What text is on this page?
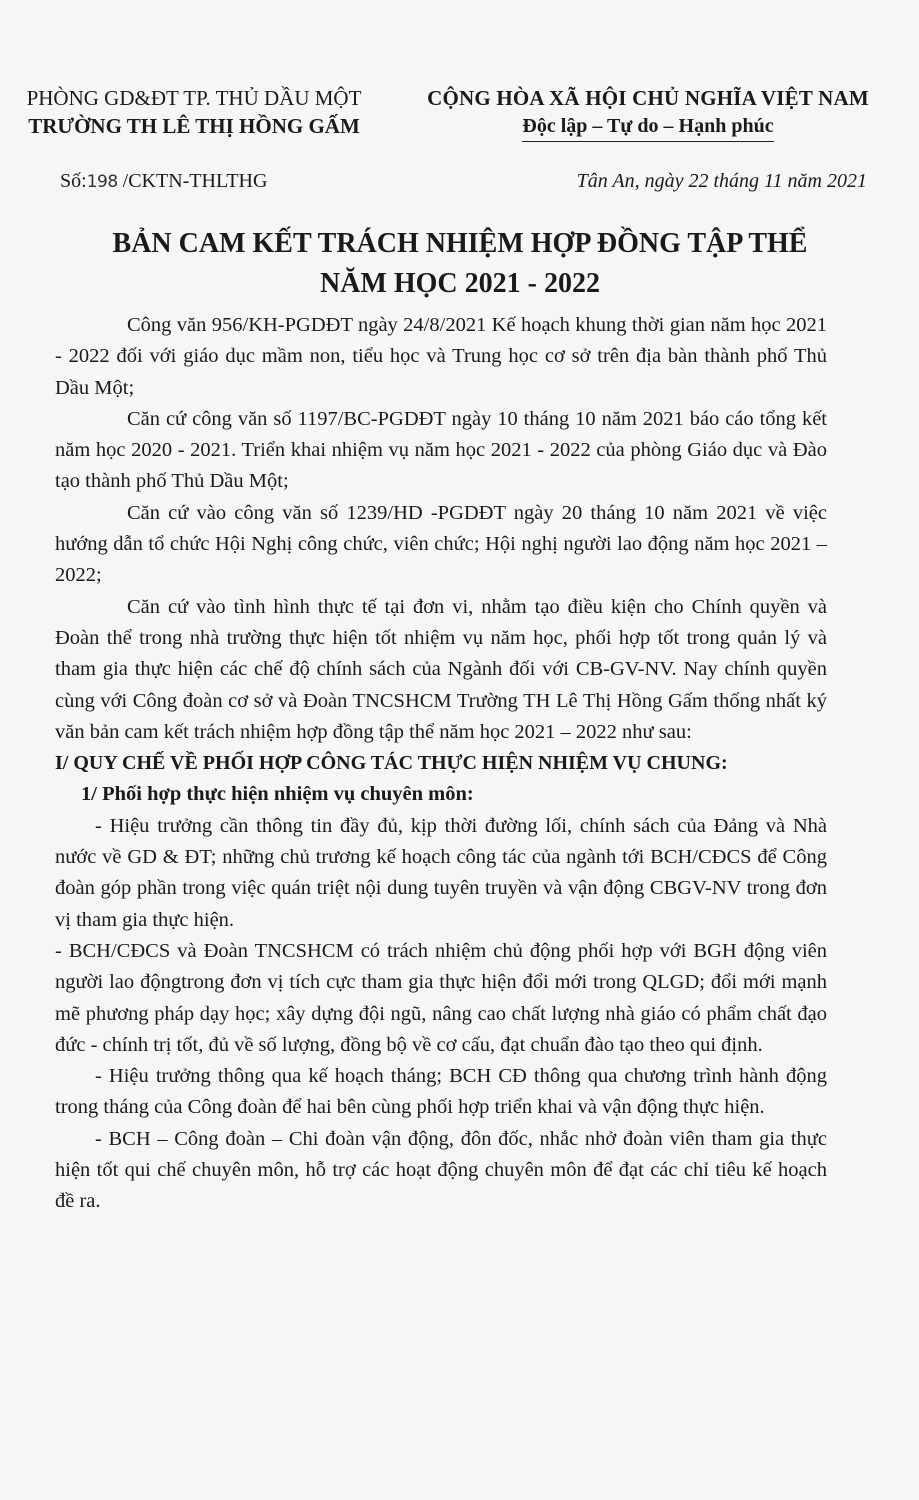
PHÒNG GD&ĐT TP. THỦ DẦU MỘT
TRƯỜNG TH LÊ THỊ HỒNG GẤM
CỘNG HÒA XÃ HỘI CHỦ NGHĨA VIỆT NAM
Độc lập – Tự do – Hạnh phúc
Số:198 /CKTN-THLTHG	Tân An, ngày 22 tháng 11 năm 2021
BẢN CAM KẾT TRÁCH NHIỆM HỢP ĐỒNG TẬP THỂ
NĂM HỌC 2021 - 2022

Công văn 956/KH-PGDĐT ngày 24/8/2021 Kế hoạch khung thời gian năm học 2021 - 2022 đối với giáo dục mầm non, tiểu học và Trung học cơ sở trên địa bàn thành phố Thủ Dầu Một;

Căn cứ công văn số 1197/BC-PGDĐT ngày 10 tháng 10 năm 2021 báo cáo tổng kết năm học 2020 - 2021. Triển khai nhiệm vụ năm học 2021 - 2022 của phòng Giáo dục và Đào tạo thành phố Thủ Dầu Một;

Căn cứ vào công văn số 1239/HD -PGDĐT ngày 20 tháng 10 năm 2021 về việc hướng dẫn tổ chức Hội Nghị công chức, viên chức; Hội nghị người lao động năm học 2021 – 2022;

Căn cứ vào tình hình thực tế tại đơn vi, nhằm tạo điều kiện cho Chính quyền và Đoàn thể trong nhà trường thực hiện tốt nhiệm vụ năm học, phối hợp tốt trong quản lý và tham gia thực hiện các chế độ chính sách của Ngành đối với CB-GV-NV. Nay chính quyền cùng với Công đoàn cơ sở và Đoàn TNCSHCM Trường TH Lê Thị Hồng Gấm thống nhất ký văn bản cam kết trách nhiệm hợp đồng tập thể năm học 2021 – 2022 như sau:

I/ QUY CHẾ VỀ PHỐI HỢP CÔNG TÁC THỰC HIỆN NHIỆM VỤ CHUNG:

1/ Phối hợp thực hiện nhiệm vụ chuyên môn:

- Hiệu trưởng cần thông tin đầy đủ, kịp thời đường lối, chính sách của Đảng và Nhà nước về GD & ĐT; những chủ trương kế hoạch công tác của ngành tới BCH/CĐCS để Công đoàn góp phần trong việc quán triệt nội dung tuyên truyền và vận động CBGV-NV trong đơn vị tham gia thực hiện.

- BCH/CĐCS và Đoàn TNCSHCM có trách nhiệm chủ động phối hợp với BGH động viên người lao độngtrong đơn vị tích cực tham gia thực hiện đổi mới trong QLGD; đổi mới mạnh mẽ phương pháp dạy học; xây dựng đội ngũ, nâng cao chất lượng nhà giáo có phẩm chất đạo đức - chính trị tốt, đủ về số lượng, đồng bộ về cơ cấu, đạt chuẩn đào tạo theo qui định.

- Hiệu trưởng thông qua kế hoạch tháng; BCH CĐ thông qua chương trình hành động trong tháng của Công đoàn để hai bên cùng phối hợp triển khai và vận động thực hiện.

- BCH – Công đoàn – Chi đoàn vận động, đôn đốc, nhắc nhở đoàn viên tham gia thực hiện tốt qui chế chuyên môn, hỗ trợ các hoạt động chuyên môn để đạt các chỉ tiêu kế hoạch đề ra.
